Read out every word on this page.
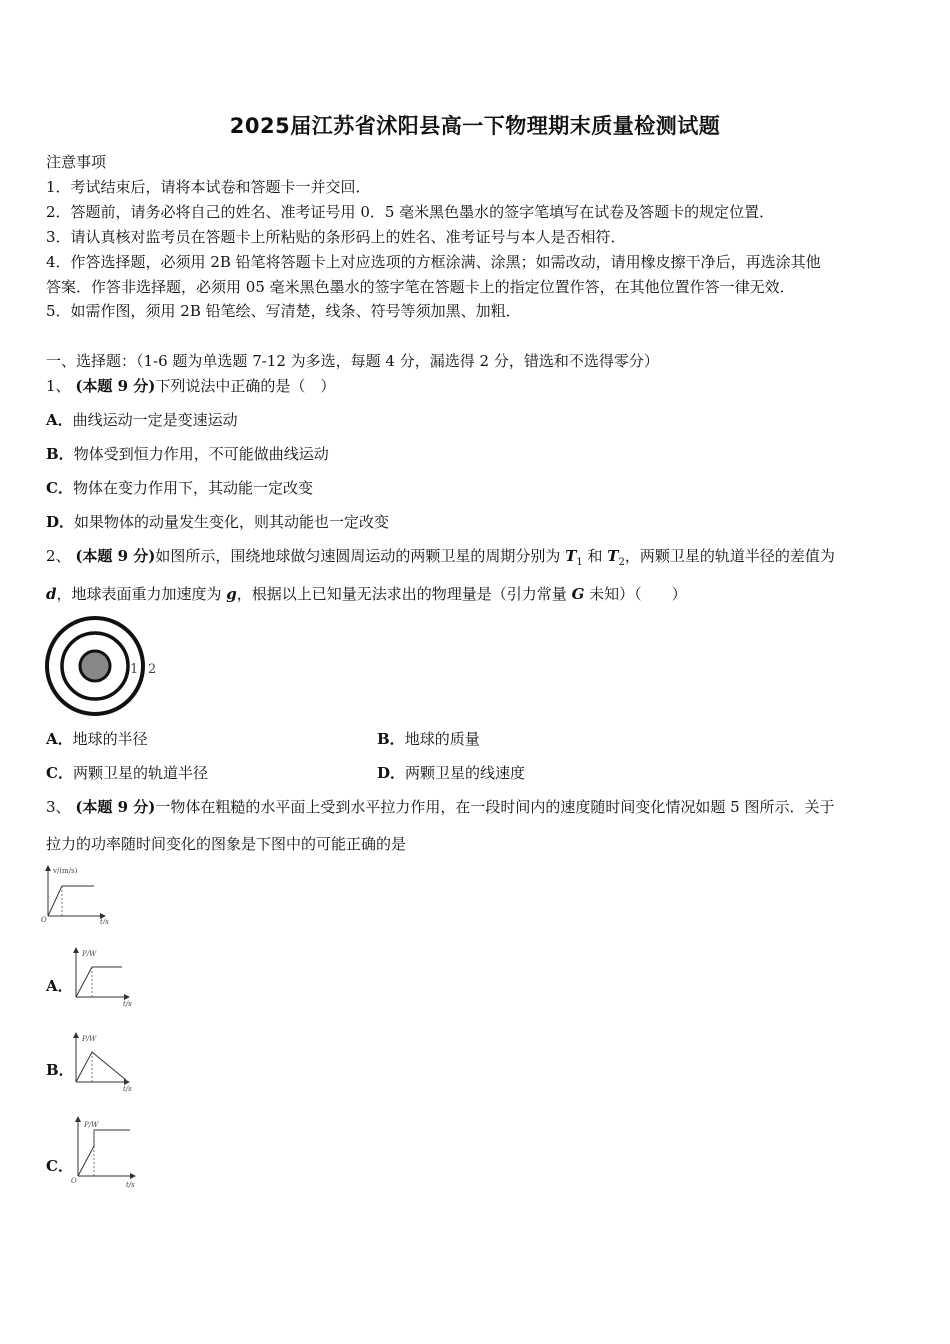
2025届江苏省沭阳县高一下物理期末质量检测试题
注意事项
1．考试结束后，请将本试卷和答题卡一并交回．
2．答题前，请务必将自己的姓名、准考证号用 0．5 毫米黑色墨水的签字笔填写在试卷及答题卡的规定位置．
3．请认真核对监考员在答题卡上所粘贴的条形码上的姓名、准考证号与本人是否相符．
4．作答选择题，必须用 2B 铅笔将答题卡上对应选项的方框涂满、涂黑；如需改动，请用橡皮擦干净后，再选涂其他
答案．作答非选择题，必须用 05 毫米黑色墨水的签字笔在答题卡上的指定位置作答，在其他位置作答一律无效．
5．如需作图，须用 2B 铅笔绘、写清楚，线条、符号等须加黑、加粗．
一、选择题：（1-6 题为单选题 7-12 为多选，每题 4 分，漏选得 2 分，错选和不选得零分）
1、 (本题 9 分)下列说法中正确的是（　）
A．曲线运动一定是变速运动
B．物体受到恒力作用，不可能做曲线运动
C．物体在变力作用下，其动能一定改变
D．如果物体的动量发生变化，则其动能也一定改变
2、 (本题 9 分)如图所示，围绕地球做匀速圆周运动的两颗卫星的周期分别为 $T_1$ 和 $T_2$，两颗卫星的轨道半径的差值为
d，地球表面重力加速度为 g，根据以上已知量无法求出的物理量是（引力常量 G 未知）（　　）
1 2
A．地球的半径	B．地球的质量
C．两颗卫星的轨道半径	D．两颗卫星的线速度
3、 (本题 9 分)一物体在粗糙的水平面上受到水平拉力作用，在一段时间内的速度随时间变化情况如题 5 图所示．关于
拉力的功率随时间变化的图象是下图中的可能正确的是
v/(m/s)
t/s
O
A．
P/W
t/s
B．
P/W
t/s
C．
P/W
t/s
O
